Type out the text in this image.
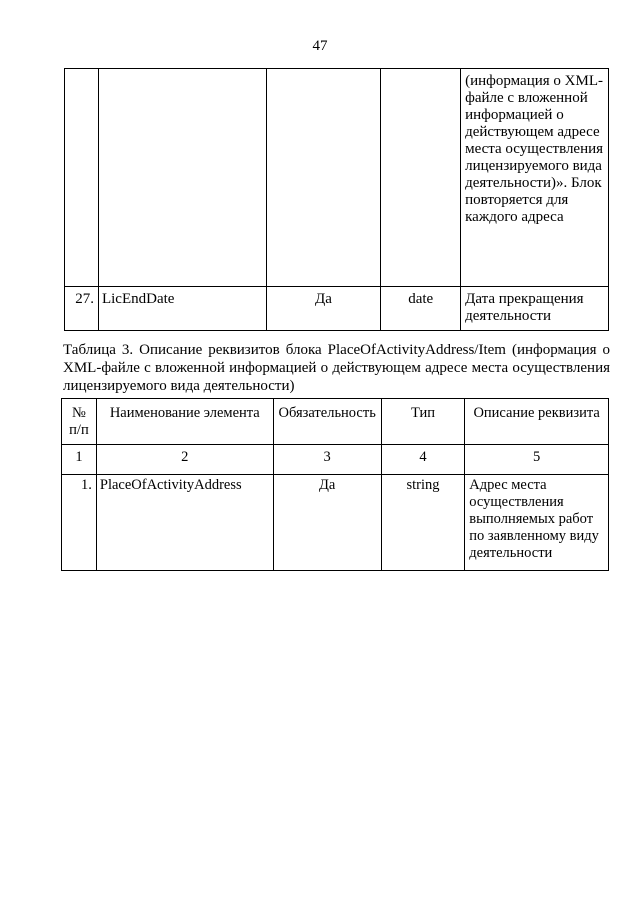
47
				(информация о XML-файле с вложенной информацией о действующем адресе места осуществления лицензируемого вида деятельности)». Блок повторяется для каждого адреса
27.	LicEndDate	Да	date	Дата прекращения деятельности
Таблица 3. Описание реквизитов блока PlaceOfActivityAddress/Item (информация о XML-файле с вложенной информацией о действующем адресе места осуществления лицензируемого вида деятельности)
№ п/п	Наименование элемента	Обязательность	Тип	Описание реквизита
1	2	3	4	5
1.	PlaceOfActivityAddress	Да	string	Адрес места осуществления выполняемых работ по заявленному виду деятельности
